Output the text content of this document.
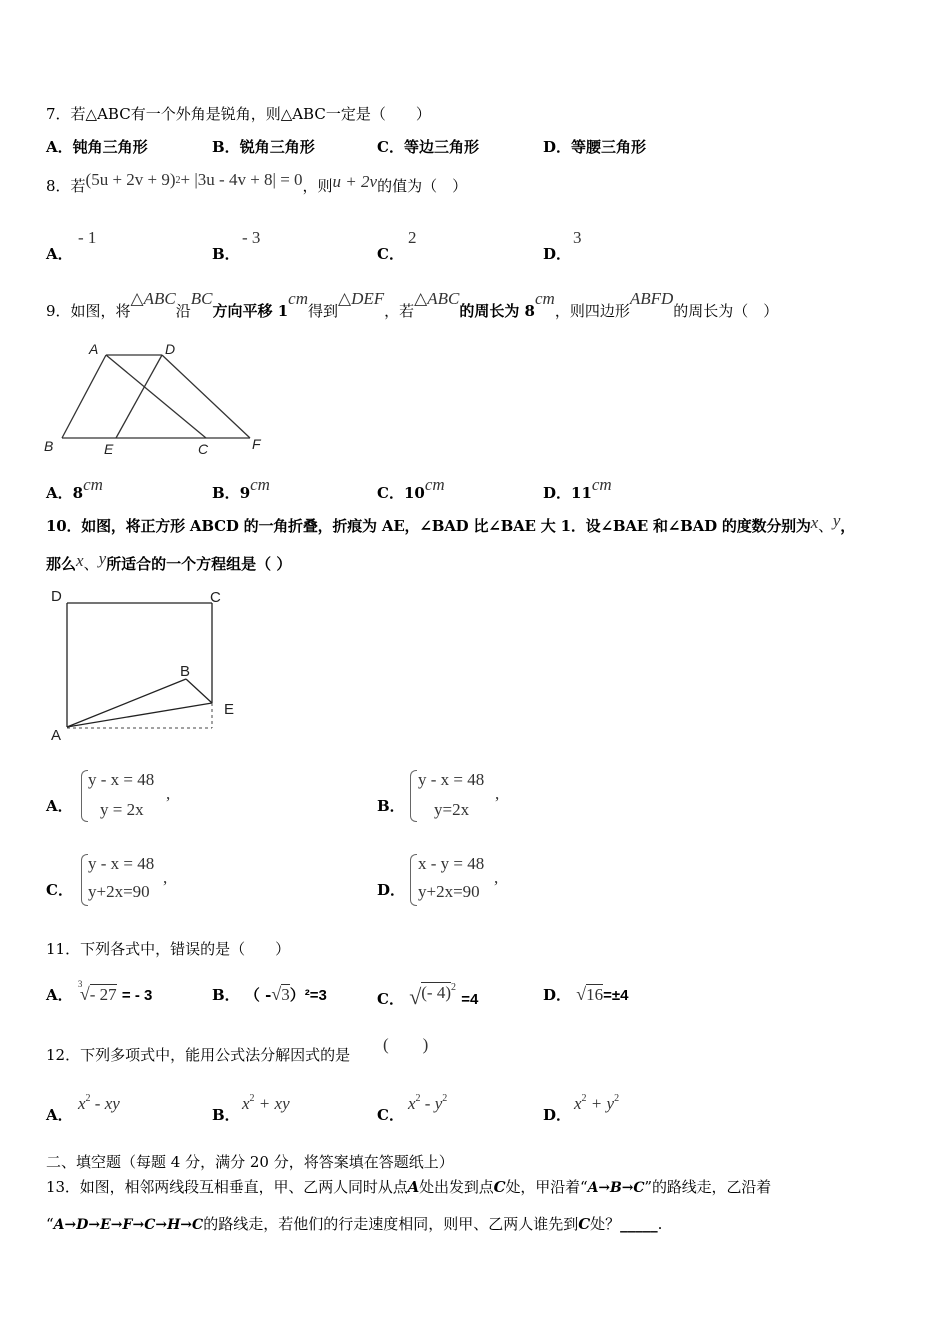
7．若△ABC有一个外角是锐角，则△ABC一定是（　　）
A．钝角三角形	B．锐角三角形	C．等边三角形	D．等腰三角形
8．若$(5u + 2v + 9)^2+ |3u - 4v + 8| = 0$，则u + 2v的值为（　）
A．
- 1
B．
- 3
C．
2
D．
3
9．如图，将△ABC沿BC方向平移 1cm得到△DEF，若△ABC的周长为 8cm，则四边形ABFD的周长为（　）
A	D
B	E	C	F
A．8cm	B．9cm	C．10cm	D．11cm
10．如图，将正方形 ABCD 的一角折叠，折痕为 AE，∠BAD 比∠BAE 大 1．设∠BAE 和∠BAD 的度数分别为x、y，
那么x、y所适合的一个方程组是（ ）
D	C
B
E
A
A．
y - x = 48
y = 2x
,
B．
y - x = 48
y=2x
,
C．
y - x = 48
y+2x=90
,
D．
x - y = 48
y+2x=90
,
11．下列各式中，错误的是（　　）
A．
3
√- 27 = - 3	B． （ -√3）²=3	C． √(- 4)$^2$ =4	D． √16=±4
12．下列多项式中，能用公式法分解因式的是
(　　)
A．
$x^2$ - xy
B．
$x^2$ + xy
C．
$x^2 - y^2$
D．
$x^2 + y^2$
二、填空题（每题 4 分，满分 20 分，将答案填在答题纸上）
13．如图，相邻两线段互相垂直，甲、乙两人同时从点A处出发到点C处，甲沿着“A→B→C”的路线走，乙沿着
“A→D→E→F→C→H→C的路线走，若他们的行走速度相同，则甲、乙两人谁先到C处？_____.
